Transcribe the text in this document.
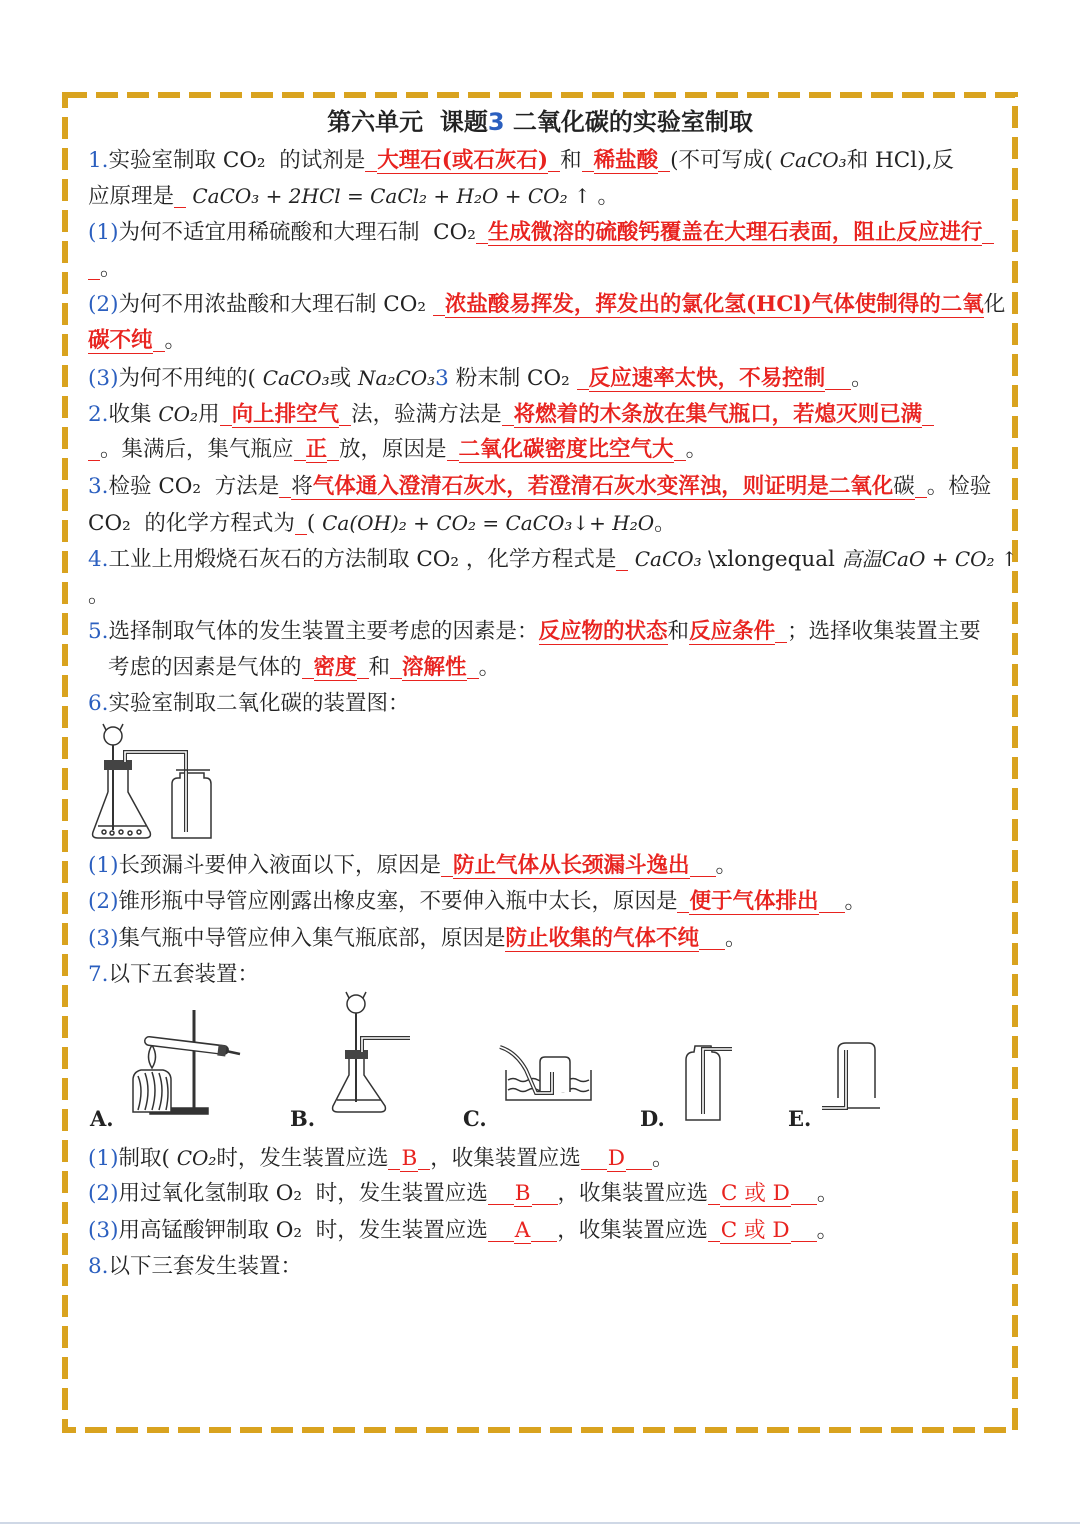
A.	B.	C.	D.	E.
第六单元  课题3 二氧化碳的实验室制取
1.实验室制取 CO₂  的试剂是 大理石(或石灰石) 和 稀盐酸 (不可写成( CaCO₃和 HCl),反
应原理是 CaCO₃ + 2HCl = CaCl₂ + H₂O + CO₂ ↑ 。
(1)为何不适宜用稀硫酸和大理石制  CO₂ 生成微溶的硫酸钙覆盖在大理石表面，阻止反应进行
。
(2)为何不用浓盐酸和大理石制 CO₂ 浓盐酸易挥发，挥发出的氯化氢(HCl)气体使制得的二氧化
碳不纯 。
(3)为何不用纯的( CaCO₃或 Na₂CO₃3 粉末制 CO₂ 反应速率太快，不易控制 。
2.收集 CO₂用 向上排空气 法，验满方法是 将燃着的木条放在集气瓶口，若熄灭则已满
。集满后，集气瓶应 正 放，原因是 二氧化碳密度比空气大 。
3.检验 CO₂  方法是 将气体通入澄清石灰水，若澄清石灰水变浑浊，则证明是二氧化碳 。检验
CO₂  的化学方程式为 ( Ca(OH)₂ + CO₂ = CaCO₃↓+ H₂O。
4.工业上用煅烧石灰石的方法制取 CO₂ ，化学方程式是 CaCO₃ \xlongequal 高温CaO + CO₂ ↑
。
5.选择制取气体的发生装置主要考虑的因素是：反应物的状态和反应条件 ；选择收集装置主要
考虑的因素是气体的 密度 和 溶解性 。
6.实验室制取二氧化碳的装置图：
(1)长颈漏斗要伸入液面以下，原因是 防止气体从长颈漏斗逸出 。
(2)锥形瓶中导管应刚露出橡皮塞，不要伸入瓶中太长，原因是 便于气体排出 。
(3)集气瓶中导管应伸入集气瓶底部，原因是防止收集的气体不纯 。
7.以下五套装置：
(1)制取( CO₂时，发生装置应选 B ，收集装置应选 D 。
(2)用过氧化氢制取 O₂  时，发生装置应选 B ，收集装置应选 C 或 D 。
(3)用高锰酸钾制取 O₂  时，发生装置应选 A ，收集装置应选 C 或 D 。
8.以下三套发生装置：
